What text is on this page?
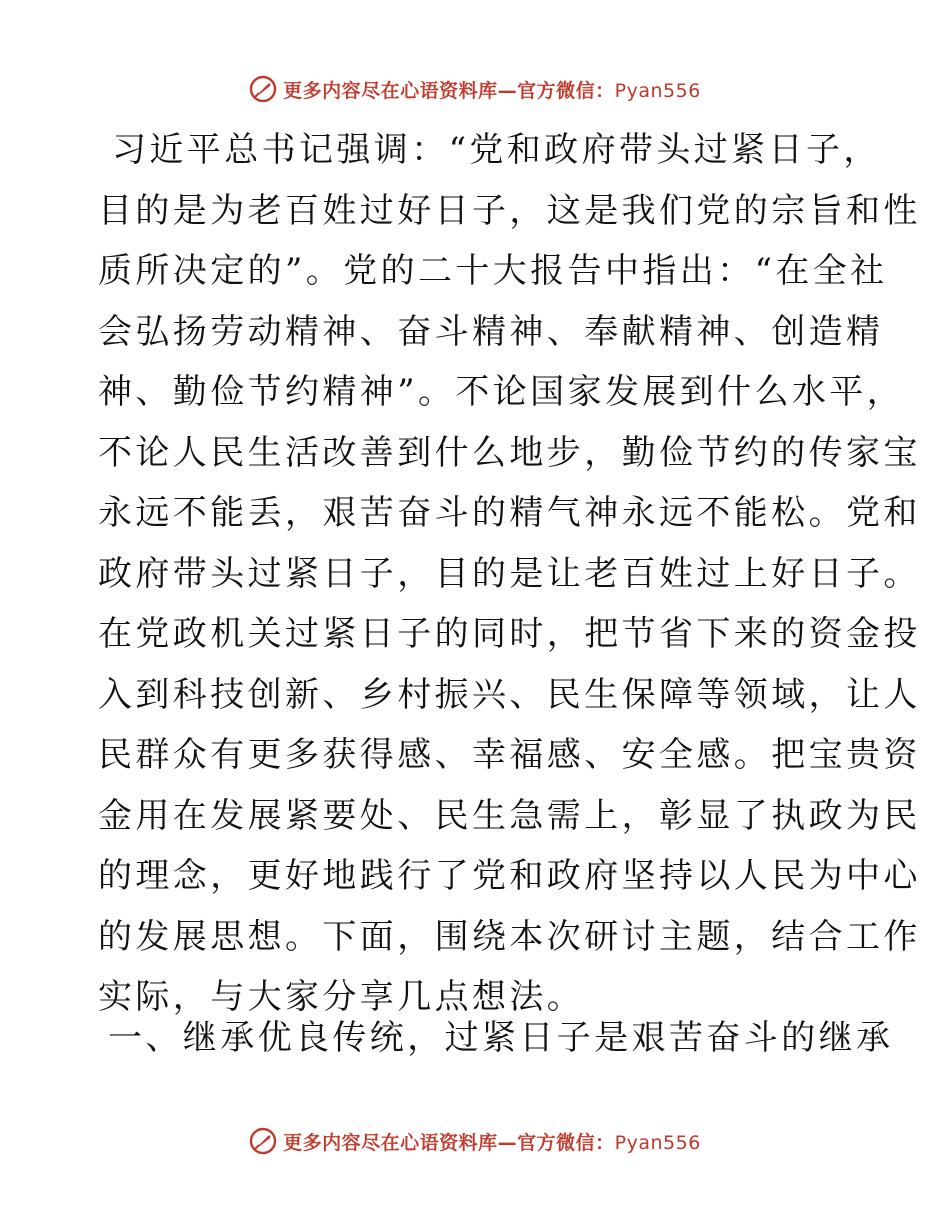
更多内容尽在心语资料库—官方微信：Pyan556
习近平总书记强调：“党和政府带头过紧日子，
目的是为老百姓过好日子，这是我们党的宗旨和性
质所决定的”。党的二十大报告中指出：“在全社
会弘扬劳动精神、奋斗精神、奉献精神、创造精
神、勤俭节约精神”。不论国家发展到什么水平，
不论人民生活改善到什么地步，勤俭节约的传家宝
永远不能丢，艰苦奋斗的精气神永远不能松。党和
政府带头过紧日子，目的是让老百姓过上好日子。
在党政机关过紧日子的同时，把节省下来的资金投
入到科技创新、乡村振兴、民生保障等领域，让人
民群众有更多获得感、幸福感、安全感。把宝贵资
金用在发展紧要处、民生急需上，彰显了执政为民
的理念，更好地践行了党和政府坚持以人民为中心
的发展思想。下面，围绕本次研讨主题，结合工作
实际，与大家分享几点想法。
一、继承优良传统，过紧日子是艰苦奋斗的继承
更多内容尽在心语资料库—官方微信：Pyan556
